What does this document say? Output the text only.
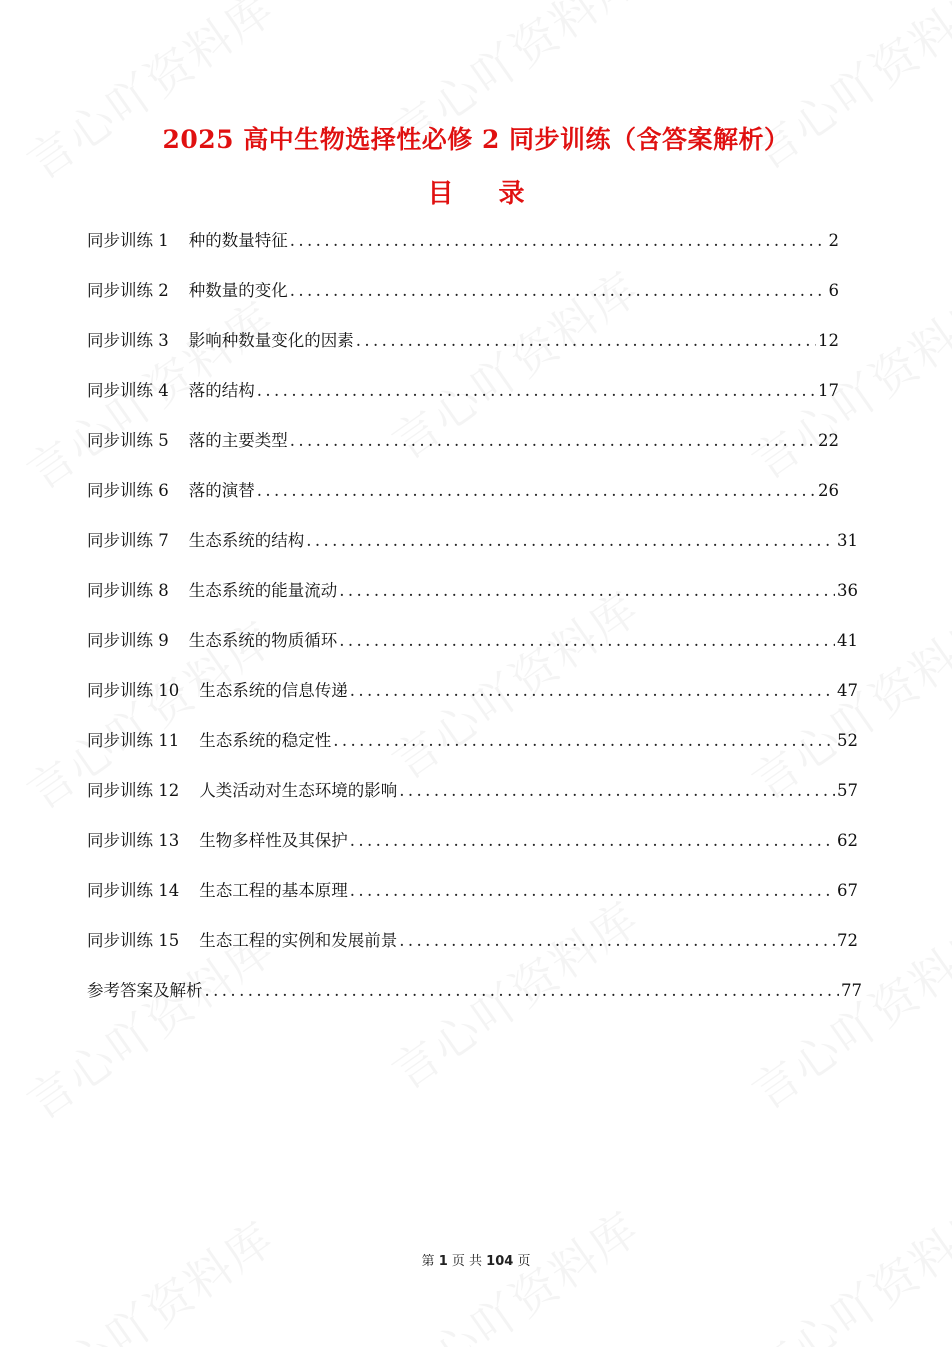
2025 高中生物选择性必修 2 同步训练（含答案解析）
目 录
同步训练 1 种的数量特征 .....	2
同步训练 2 种数量的变化 .....	6
同步训练 3 影响种数量变化的因素 .....	12
同步训练 4 落的结构 .....	17
同步训练 5 落的主要类型 .....	22
同步训练 6 落的演替 .....	26
同步训练 7 生态系统的结构 .....	31
同步训练 8 生态系统的能量流动 .....	36
同步训练 9 生态系统的物质循环 .....	41
同步训练 10 生态系统的信息传递 .....	47
同步训练 11 生态系统的稳定性 .....	52
同步训练 12 人类活动对生态环境的影响 .....	57
同步训练 13 生物多样性及其保护 .....	62
同步训练 14 生态工程的基本原理 .....	67
同步训练 15 生态工程的实例和发展前景 .....	72
参考答案及解析 .....	77
第 1 页 共 104 页
